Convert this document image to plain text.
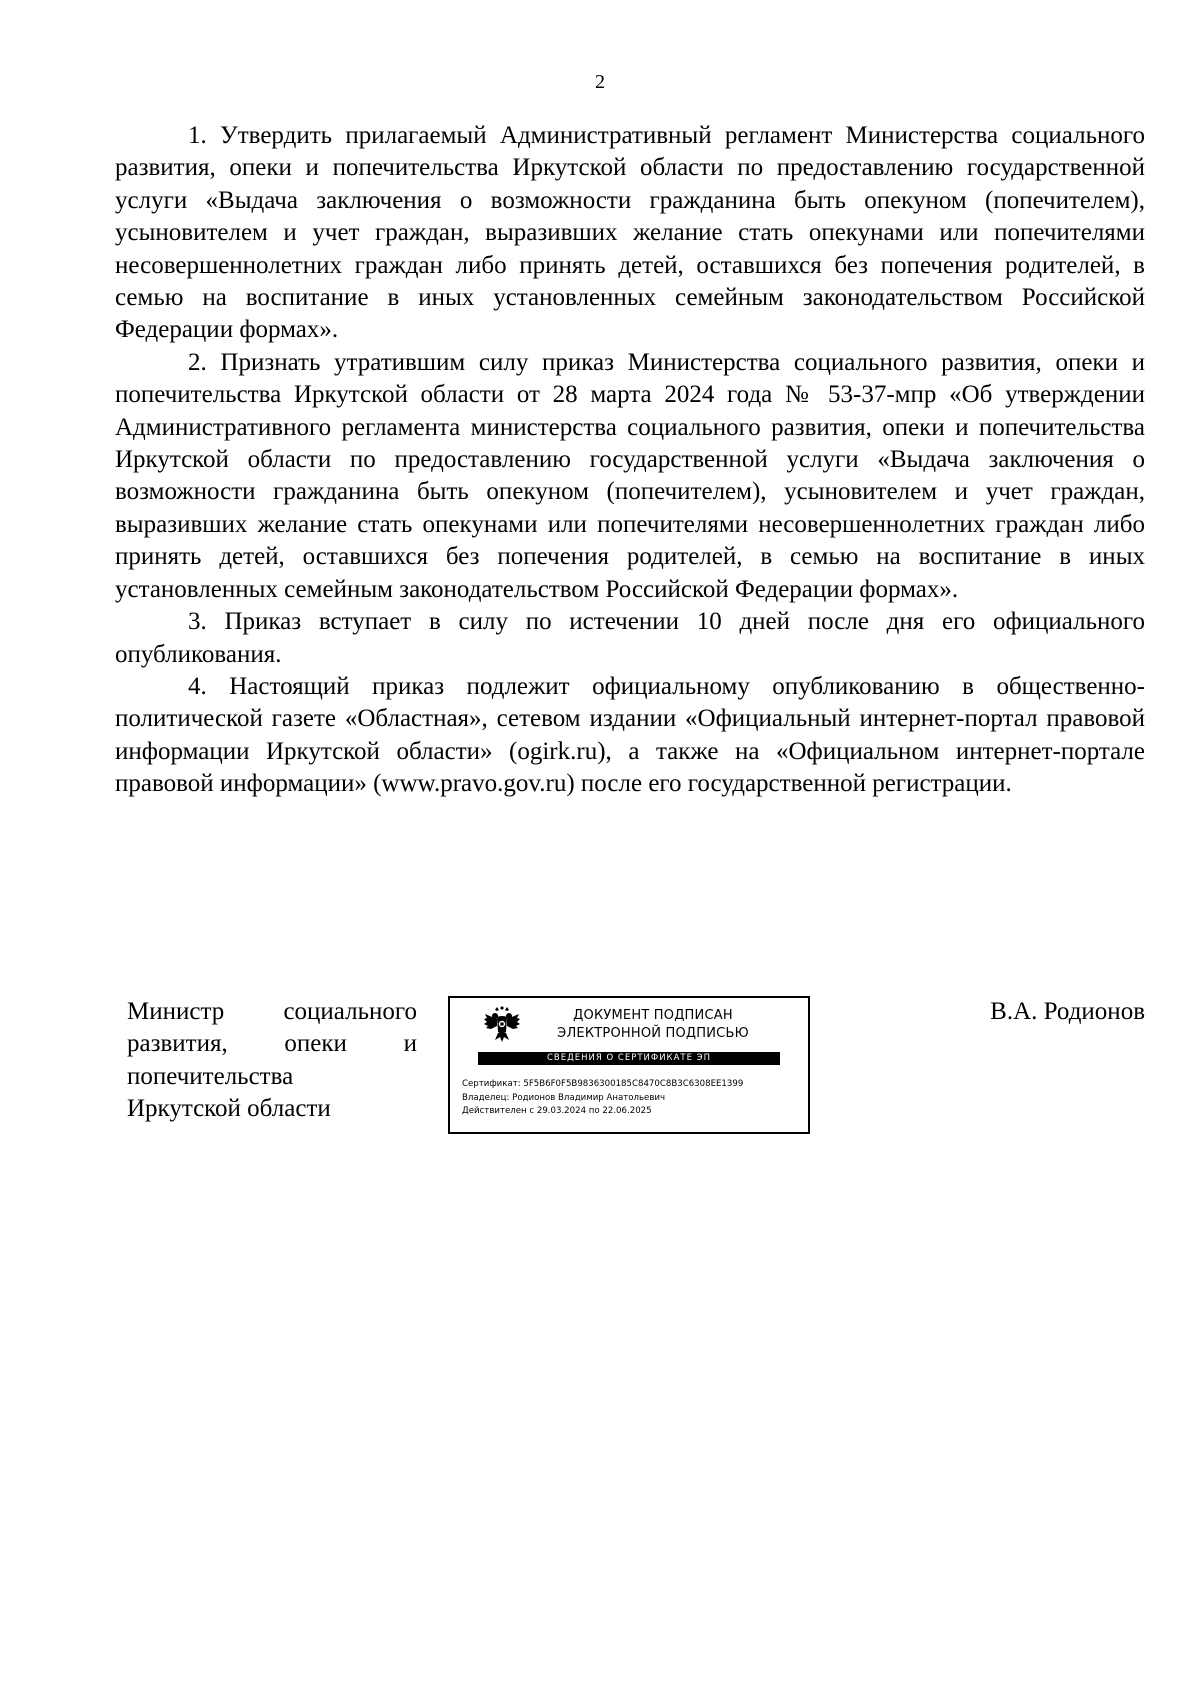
2

1. Утвердить прилагаемый Административный регламент Министерства социального развития, опеки и попечительства Иркутской области по предоставлению государственной услуги «Выдача заключения о возможности гражданина быть опекуном (попечителем), усыновителем и учет граждан, выразивших желание стать опекунами или попечителями несовершеннолетних граждан либо принять детей, оставшихся без попечения родителей, в семью на воспитание в иных установленных семейным законодательством Российской Федерации формах».

2. Признать утратившим силу приказ Министерства социального развития, опеки и попечительства Иркутской области от 28 марта 2024 года № 53-37-мпр «Об утверждении Административного регламента министерства социального развития, опеки и попечительства Иркутской области по предоставлению государственной услуги «Выдача заключения о возможности гражданина быть опекуном (попечителем), усыновителем и учет граждан, выразивших желание стать опекунами или попечителями несовершеннолетних граждан либо принять детей, оставшихся без попечения родителей, в семью на воспитание в иных установленных семейным законодательством Российской Федерации формах».

3. Приказ вступает в силу по истечении 10 дней после дня его официального опубликования.

4. Настоящий приказ подлежит официальному опубликованию в общественно-политической газете «Областная», сетевом издании «Официальный интернет-портал правовой информации Иркутской области» (ogirk.ru), а также на «Официальном интернет-портале правовой информации» (www.pravo.gov.ru) после его государственной регистрации.

Министр социального
развития, опеки и
попечительства
Иркутской области
ДОКУМЕНТ ПОДПИСАН
ЭЛЕКТРОННОЙ ПОДПИСЬЮ
СВЕДЕНИЯ О СЕРТИФИКАТЕ ЭП
Сертификат: 5F5B6F0F5B9836300185C8470C8B3C6308EE1399
Владелец: Родионов Владимир Анатольевич
Действителен с 29.03.2024 по 22.06.2025
В.А. Родионов
